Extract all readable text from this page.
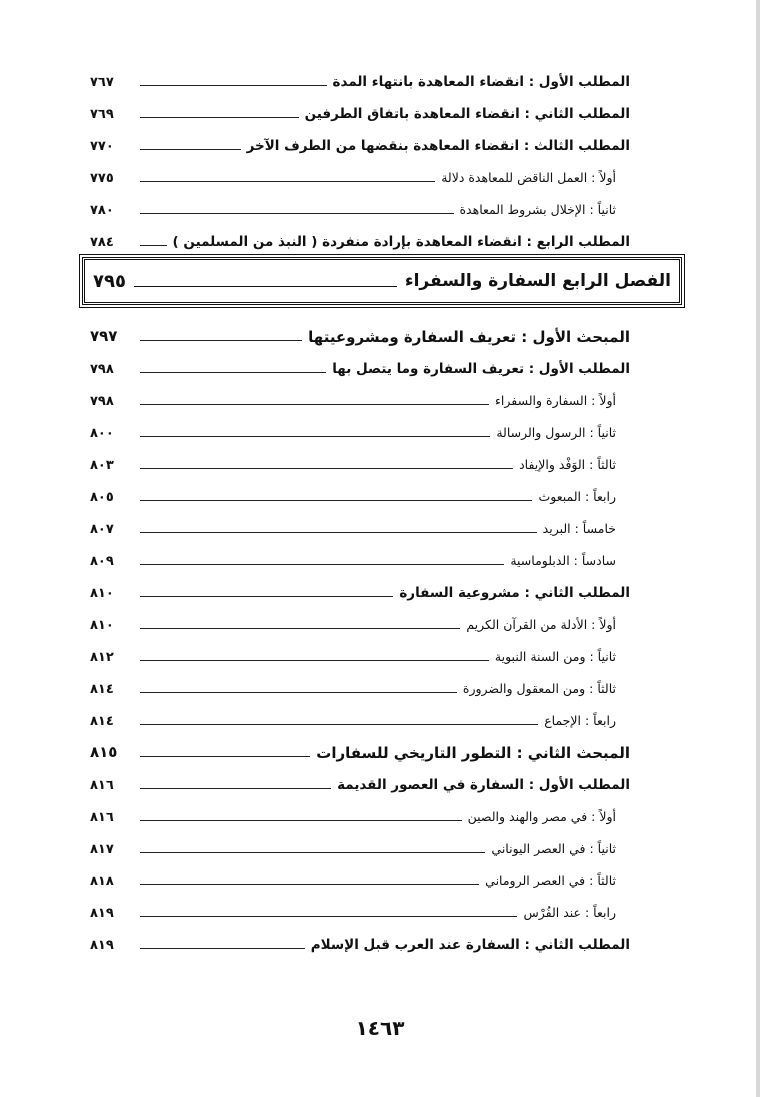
المطلب الأول : انقضاء المعاهدة بانتهاء المدة
٧٦٧
المطلب الثاني : انقضاء المعاهدة باتفاق الطرفين
٧٦٩
المطلب الثالث : انقضاء المعاهدة بنقضها من الطرف الآخر
٧٧٠
أولاً : العمل الناقض للمعاهدة دلالة
٧٧٥
ثانياً : الإخلال بشروط المعاهدة
٧٨٠
المطلب الرابع : انقضاء المعاهدة بإرادة منفردة ( النبذ من المسلمين )
٧٨٤
الفصل الرابع السفارة والسفراء
٧٩٥
المبحث الأول : تعريف السفارة ومشروعيتها
٧٩٧
المطلب الأول : تعريف السفارة وما يتصل بها
٧٩٨
أولاً : السفارة والسفراء
٧٩٨
ثانياً : الرسول والرسالة
٨٠٠
ثالثاً : الوَفْد والإيفاد
٨٠٣
رابعاً : المبعوث
٨٠٥
خامساً : البريد
٨٠٧
سادساً : الدبلوماسية
٨٠٩
المطلب الثاني : مشروعية السفارة
٨١٠
أولاً : الأدلة من القرآن الكريم
٨١٠
ثانياً : ومن السنة النبوية
٨١٢
ثالثاً : ومن المعقول والضرورة
٨١٤
رابعاً : الإجماع
٨١٤
المبحث الثاني : التطور التاريخي للسفارات
٨١٥
المطلب الأول : السفارة في العصور القديمة
٨١٦
أولاً : في مصر والهند والصين
٨١٦
ثانياً : في العصر اليوناني
٨١٧
ثالثاً : في العصر الروماني
٨١٨
رابعاً : عند الفُرْس
٨١٩
المطلب الثاني : السفارة عند العرب قبل الإسلام
٨١٩
١٤٦٣
